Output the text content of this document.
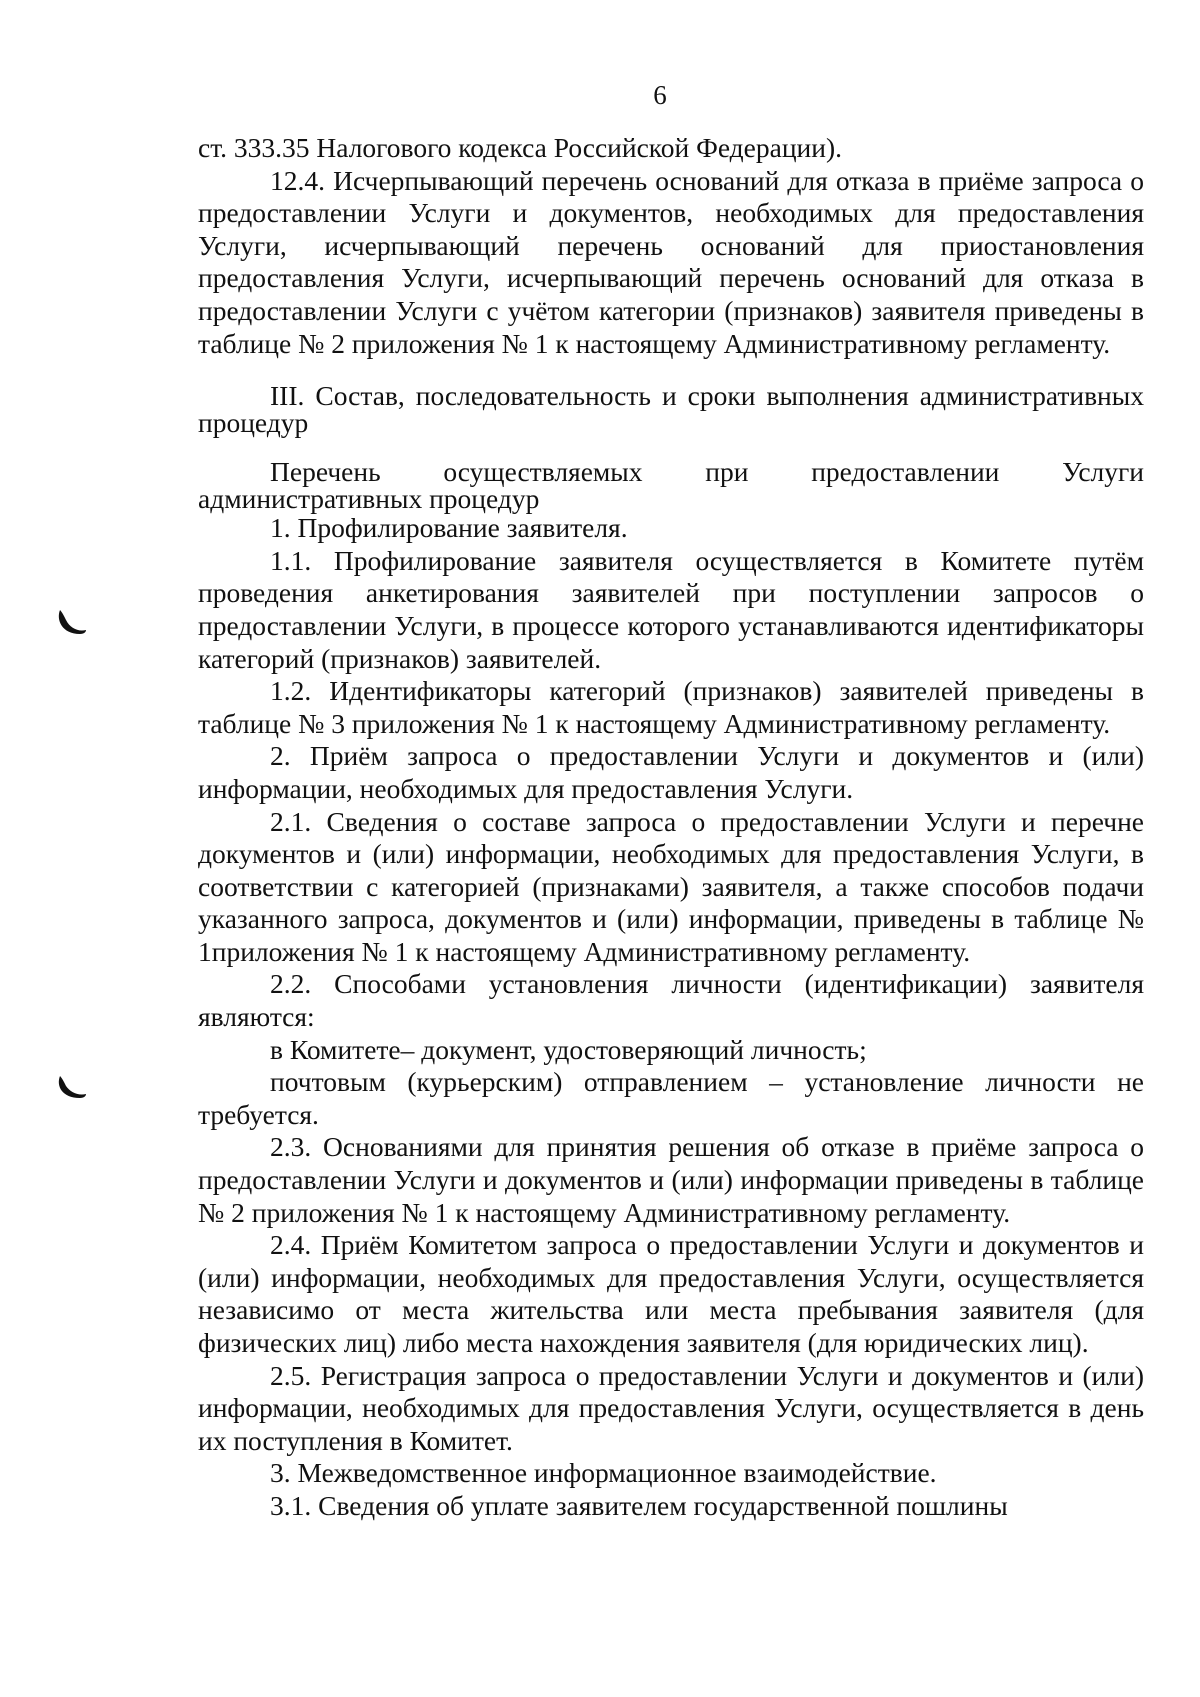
6

ст. 333.35 Налогового кодекса Российской Федерации).

12.4. Исчерпывающий перечень оснований для отказа в приёме запроса о предоставлении Услуги и документов, необходимых для предоставления Услуги, исчерпывающий перечень оснований для приостановления предоставления Услуги, исчерпывающий перечень оснований для отказа в предоставлении Услуги с учётом категории (признаков) заявителя приведены в таблице № 2 приложения № 1 к настоящему Административному регламенту.

III. Состав, последовательность и сроки выполнения административных процедур

Перечень осуществляемых при предоставлении Услуги административных процедур

1. Профилирование заявителя.

1.1. Профилирование заявителя осуществляется в Комитете путём проведения анкетирования заявителей при поступлении запросов о предоставлении Услуги, в процессе которого устанавливаются идентификаторы категорий (признаков) заявителей.

1.2. Идентификаторы категорий (признаков) заявителей приведены в таблице № 3 приложения № 1 к настоящему Административному регламенту.

2. Приём запроса о предоставлении Услуги и документов и (или) информации, необходимых для предоставления Услуги.

2.1. Сведения о составе запроса о предоставлении Услуги и перечне документов и (или) информации, необходимых для предоставления Услуги, в соответствии с категорией (признаками) заявителя, а также способов подачи указанного запроса, документов и (или) информации, приведены в таблице № 1приложения № 1 к настоящему Административному регламенту.

2.2. Способами установления личности (идентификации) заявителя являются:

в Комитете– документ, удостоверяющий личность;

почтовым (курьерским) отправлением – установление личности не требуется.

2.3. Основаниями для принятия решения об отказе в приёме запроса о предоставлении Услуги и документов и (или) информации приведены в таблице № 2 приложения № 1 к настоящему Административному регламенту.

2.4. Приём Комитетом запроса о предоставлении Услуги и документов и (или) информации, необходимых для предоставления Услуги, осуществляется независимо от места жительства или места пребывания заявителя (для физических лиц) либо места нахождения заявителя (для юридических лиц).

2.5. Регистрация запроса о предоставлении Услуги и документов и (или) информации, необходимых для предоставления Услуги, осуществляется в день их поступления в Комитет.

3. Межведомственное информационное взаимодействие.

3.1. Сведения об уплате заявителем государственной пошлины
